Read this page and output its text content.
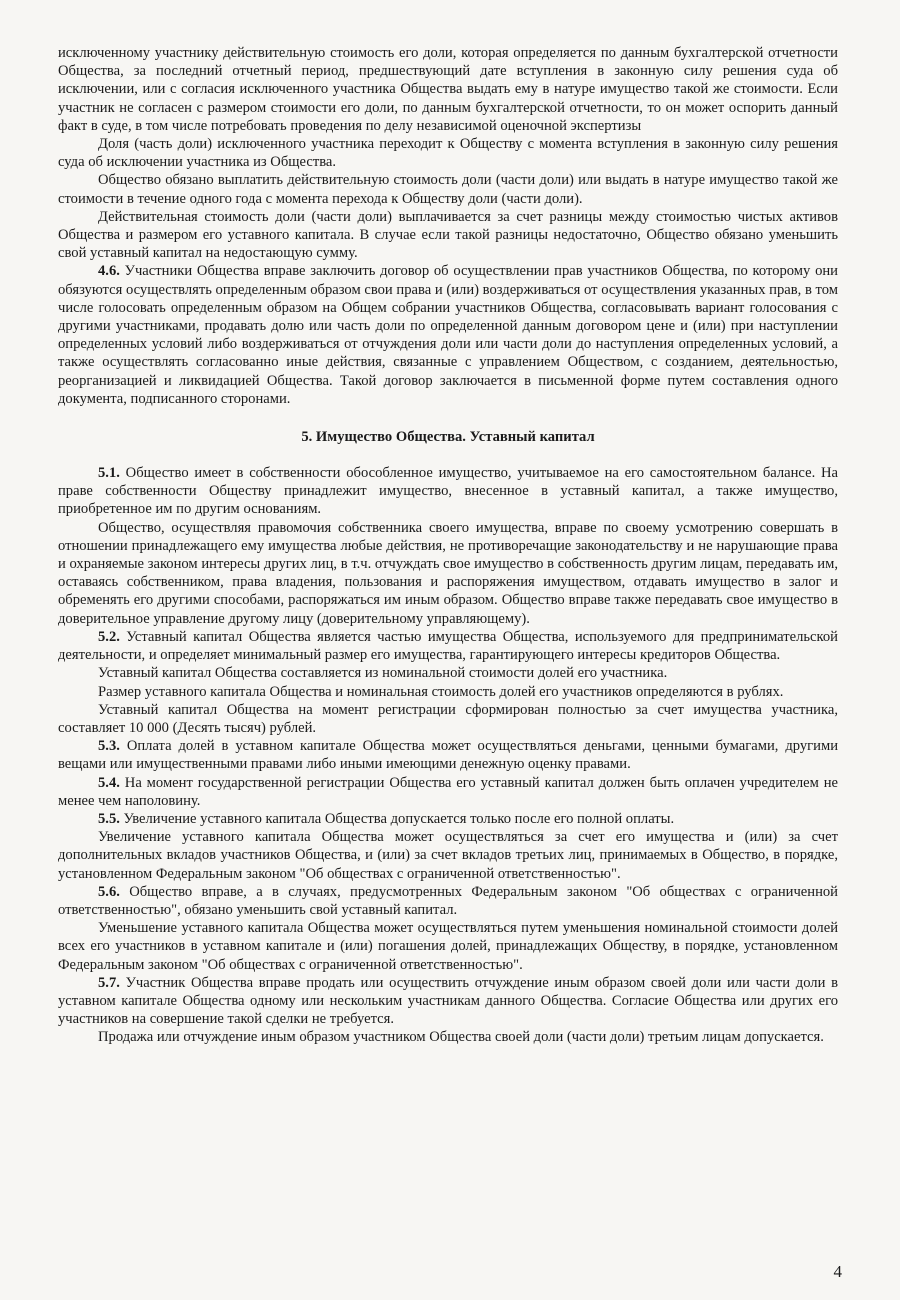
исключенному участнику действительную стоимость его доли, которая определяется по данным бухгалтерской отчетности Общества, за последний отчетный период, предшествующий дате вступления в законную силу решения суда об исключении, или с согласия исключенного участника Общества выдать ему в натуре имущество такой же стоимости. Если участник не согласен с размером стоимости его доли, по данным бухгалтерской отчетности, то он может оспорить данный факт в суде, в том числе потребовать проведения по делу независимой оценочной экспертизы

Доля (часть доли) исключенного участника переходит к Обществу с момента вступления в законную силу решения суда об исключении участника из Общества.

Общество обязано выплатить действительную стоимость доли (части доли) или выдать в натуре имущество такой же стоимости в течение одного года с момента перехода к Обществу доли (части доли).

Действительная стоимость доли (части доли) выплачивается за счет разницы между стоимостью чистых активов Общества и размером его уставного капитала. В случае если такой разницы недостаточно, Общество обязано уменьшить свой уставный капитал на недостающую сумму.

4.6. Участники Общества вправе заключить договор об осуществлении прав участников Общества, по которому они обязуются осуществлять определенным образом свои права и (или) воздерживаться от осуществления указанных прав, в том числе голосовать определенным образом на Общем собрании участников Общества, согласовывать вариант голосования с другими участниками, продавать долю или часть доли по определенной данным договором цене и (или) при наступлении определенных условий либо воздерживаться от отчуждения доли или части доли до наступления определенных условий, а также осуществлять согласованно иные действия, связанные с управлением Обществом, с созданием, деятельностью, реорганизацией и ликвидацией Общества. Такой договор заключается в письменной форме путем составления одного документа, подписанного сторонами.

5. Имущество Общества. Уставный капитал

5.1. Общество имеет в собственности обособленное имущество, учитываемое на его самостоятельном балансе. На праве собственности Обществу принадлежит имущество, внесенное в уставный капитал, а также имущество, приобретенное им по другим основаниям.

Общество, осуществляя правомочия собственника своего имущества, вправе по своему усмотрению совершать в отношении принадлежащего ему имущества любые действия, не противоречащие законодательству и не нарушающие права и охраняемые законом интересы других лиц, в т.ч. отчуждать свое имущество в собственность другим лицам, передавать им, оставаясь собственником, права владения, пользования и распоряжения имуществом, отдавать имущество в залог и обременять его другими способами, распоряжаться им иным образом. Общество вправе также передавать свое имущество в доверительное управление другому лицу (доверительному управляющему).

5.2. Уставный капитал Общества является частью имущества Общества, используемого для предпринимательской деятельности, и определяет минимальный размер его имущества, гарантирующего интересы кредиторов Общества.

Уставный капитал Общества составляется из номинальной стоимости долей его участника.

Размер уставного капитала Общества и номинальная стоимость долей его участников определяются в рублях.

Уставный капитал Общества на момент регистрации сформирован полностью за счет имущества участника, составляет 10 000 (Десять тысяч) рублей.

5.3. Оплата долей в уставном капитале Общества может осуществляться деньгами, ценными бумагами, другими вещами или имущественными правами либо иными имеющими денежную оценку правами.

5.4. На момент государственной регистрации Общества его уставный капитал должен быть оплачен учредителем не менее чем наполовину.

5.5. Увеличение уставного капитала Общества допускается только после его полной оплаты.

Увеличение уставного капитала Общества может осуществляться за счет его имущества и (или) за счет дополнительных вкладов участников Общества, и (или) за счет вкладов третьих лиц, принимаемых в Общество, в порядке, установленном Федеральным законом "Об обществах с ограниченной ответственностью".

5.6. Общество вправе, а в случаях, предусмотренных Федеральным законом "Об обществах с ограниченной ответственностью", обязано уменьшить свой уставный капитал.

Уменьшение уставного капитала Общества может осуществляться путем уменьшения номинальной стоимости долей всех его участников в уставном капитале и (или) погашения долей, принадлежащих Обществу, в порядке, установленном Федеральным законом "Об обществах с ограниченной ответственностью".

5.7. Участник Общества вправе продать или осуществить отчуждение иным образом своей доли или части доли в уставном капитале Общества одному или нескольким участникам данного Общества. Согласие Общества или других его участников на совершение такой сделки не требуется.

Продажа или отчуждение иным образом участником Общества своей доли (части доли) третьим лицам допускается.

4
